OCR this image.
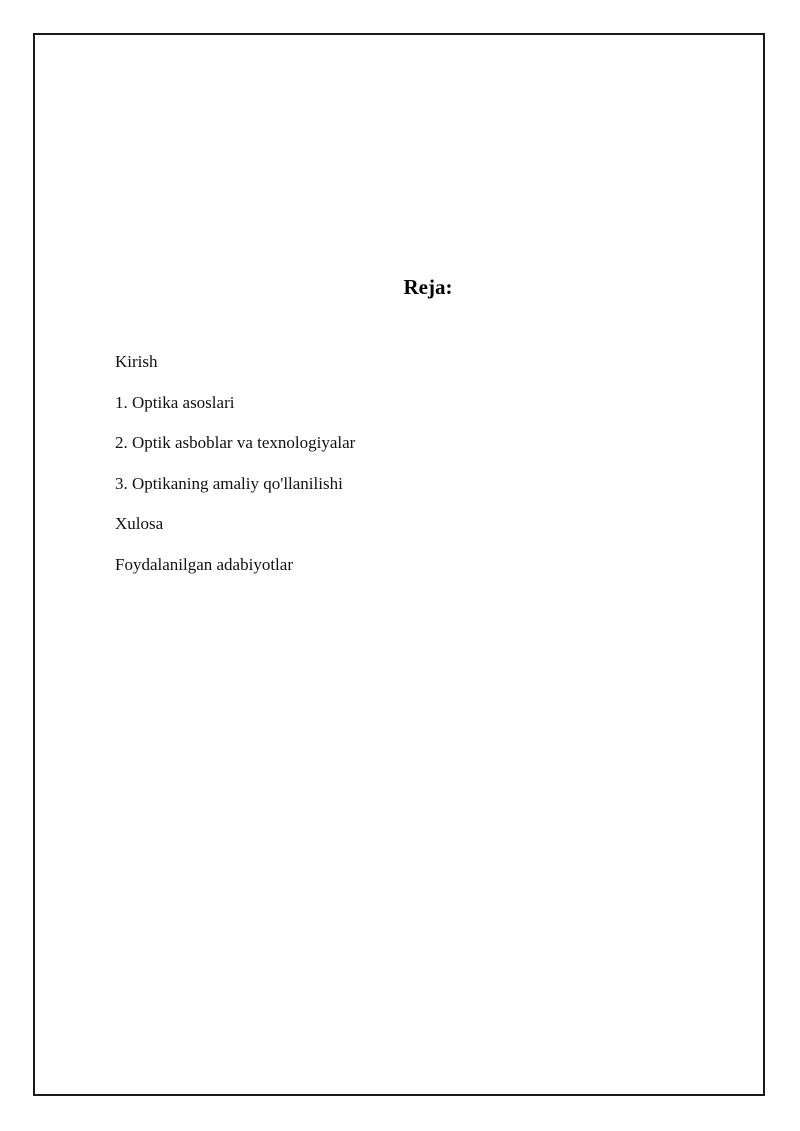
Reja:
Kirish
1. Optika asoslari
2. Optik asboblar va texnologiyalar
3. Optikaning amaliy qo'llanilishi
Xulosa
Foydalanilgan adabiyotlar
